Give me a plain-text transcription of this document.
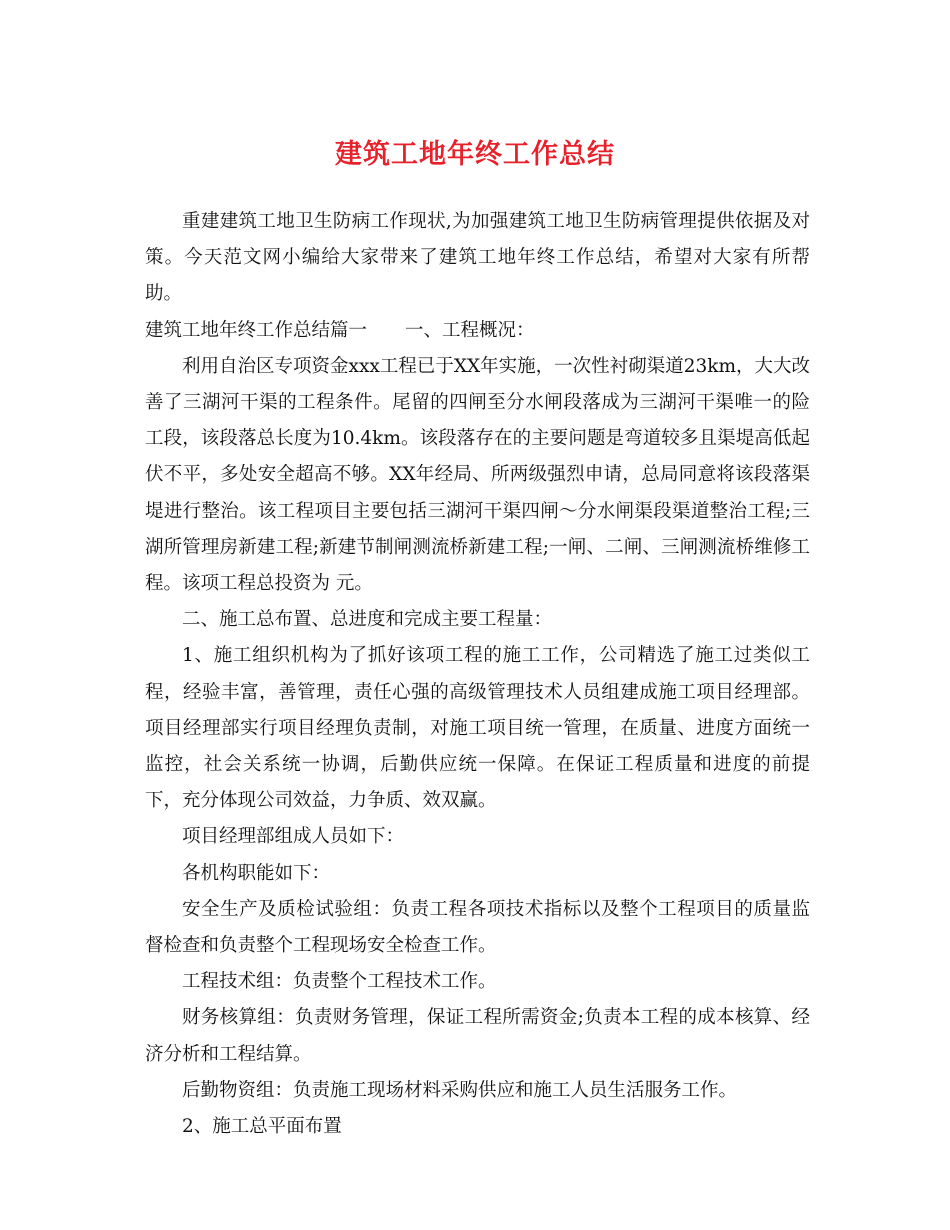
建筑工地年终工作总结

重建建筑工地卫生防病工作现状,为加强建筑工地卫生防病管理提供依据及对策。今天范文网小编给大家带来了建筑工地年终工作总结，希望对大家有所帮助。

建筑工地年终工作总结篇一 一、工程概况：

利用自治区专项资金xxx工程已于XX年实施，一次性衬砌渠道23km，大大改善了三湖河干渠的工程条件。尾留的四闸至分水闸段落成为三湖河干渠唯一的险工段，该段落总长度为10.4km。该段落存在的主要问题是弯道较多且渠堤高低起伏不平，多处安全超高不够。XX年经局、所两级强烈申请，总局同意将该段落渠堤进行整治。该工程项目主要包括三湖河干渠四闸～分水闸渠段渠道整治工程;三湖所管理房新建工程;新建节制闸测流桥新建工程;一闸、二闸、三闸测流桥维修工程。该项工程总投资为 元。

二、施工总布置、总进度和完成主要工程量：

1、施工组织机构为了抓好该项工程的施工工作，公司精选了施工过类似工程，经验丰富，善管理，责任心强的高级管理技术人员组建成施工项目经理部。项目经理部实行项目经理负责制，对施工项目统一管理，在质量、进度方面统一监控，社会关系统一协调，后勤供应统一保障。在保证工程质量和进度的前提下，充分体现公司效益，力争质、效双赢。

项目经理部组成人员如下：

各机构职能如下：

安全生产及质检试验组：负责工程各项技术指标以及整个工程项目的质量监督检查和负责整个工程现场安全检查工作。

工程技术组：负责整个工程技术工作。

财务核算组：负责财务管理，保证工程所需资金;负责本工程的成本核算、经济分析和工程结算。

后勤物资组：负责施工现场材料采购供应和施工人员生活服务工作。

2、施工总平面布置
